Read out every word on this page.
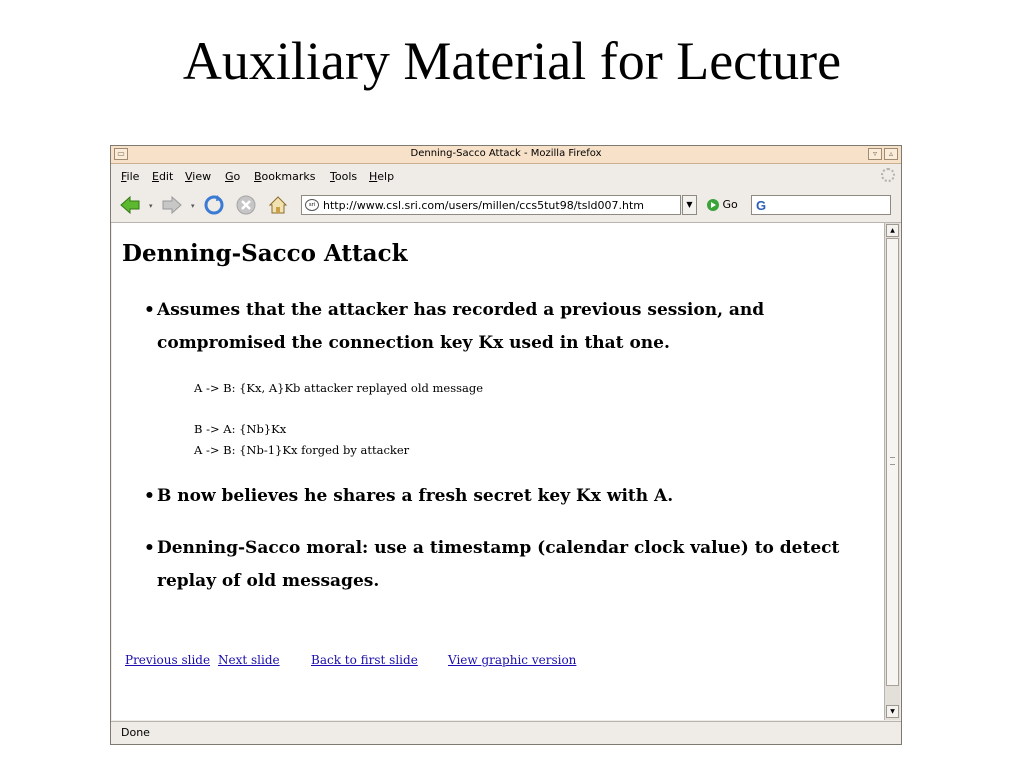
Auxiliary Material for Lecture
▭	Denning-Sacco Attack - Mozilla Firefox	▿	▵
File Edit View Go Bookmarks Tools Help
▾	▾	sri http://www.csl.sri.com/users/millen/ccs5tut98/tsld007.htm	▼	Go G
Denning-Sacco Attack
• Assumes that the attacker has recorded a previous session, and compromised the connection key Kx used in that one.
A -> B: {Kx, A}Kb attacker replayed old message
B -> A: {Nb}Kx
A -> B: {Nb-1}Kx forged by attacker
• B now believes he shares a fresh secret key Kx with A.
• Denning-Sacco moral: use a timestamp (calendar clock value) to detect replay of old messages.
Previous slide Next slide	Back to first slide	View graphic version
▲
▼
Done
